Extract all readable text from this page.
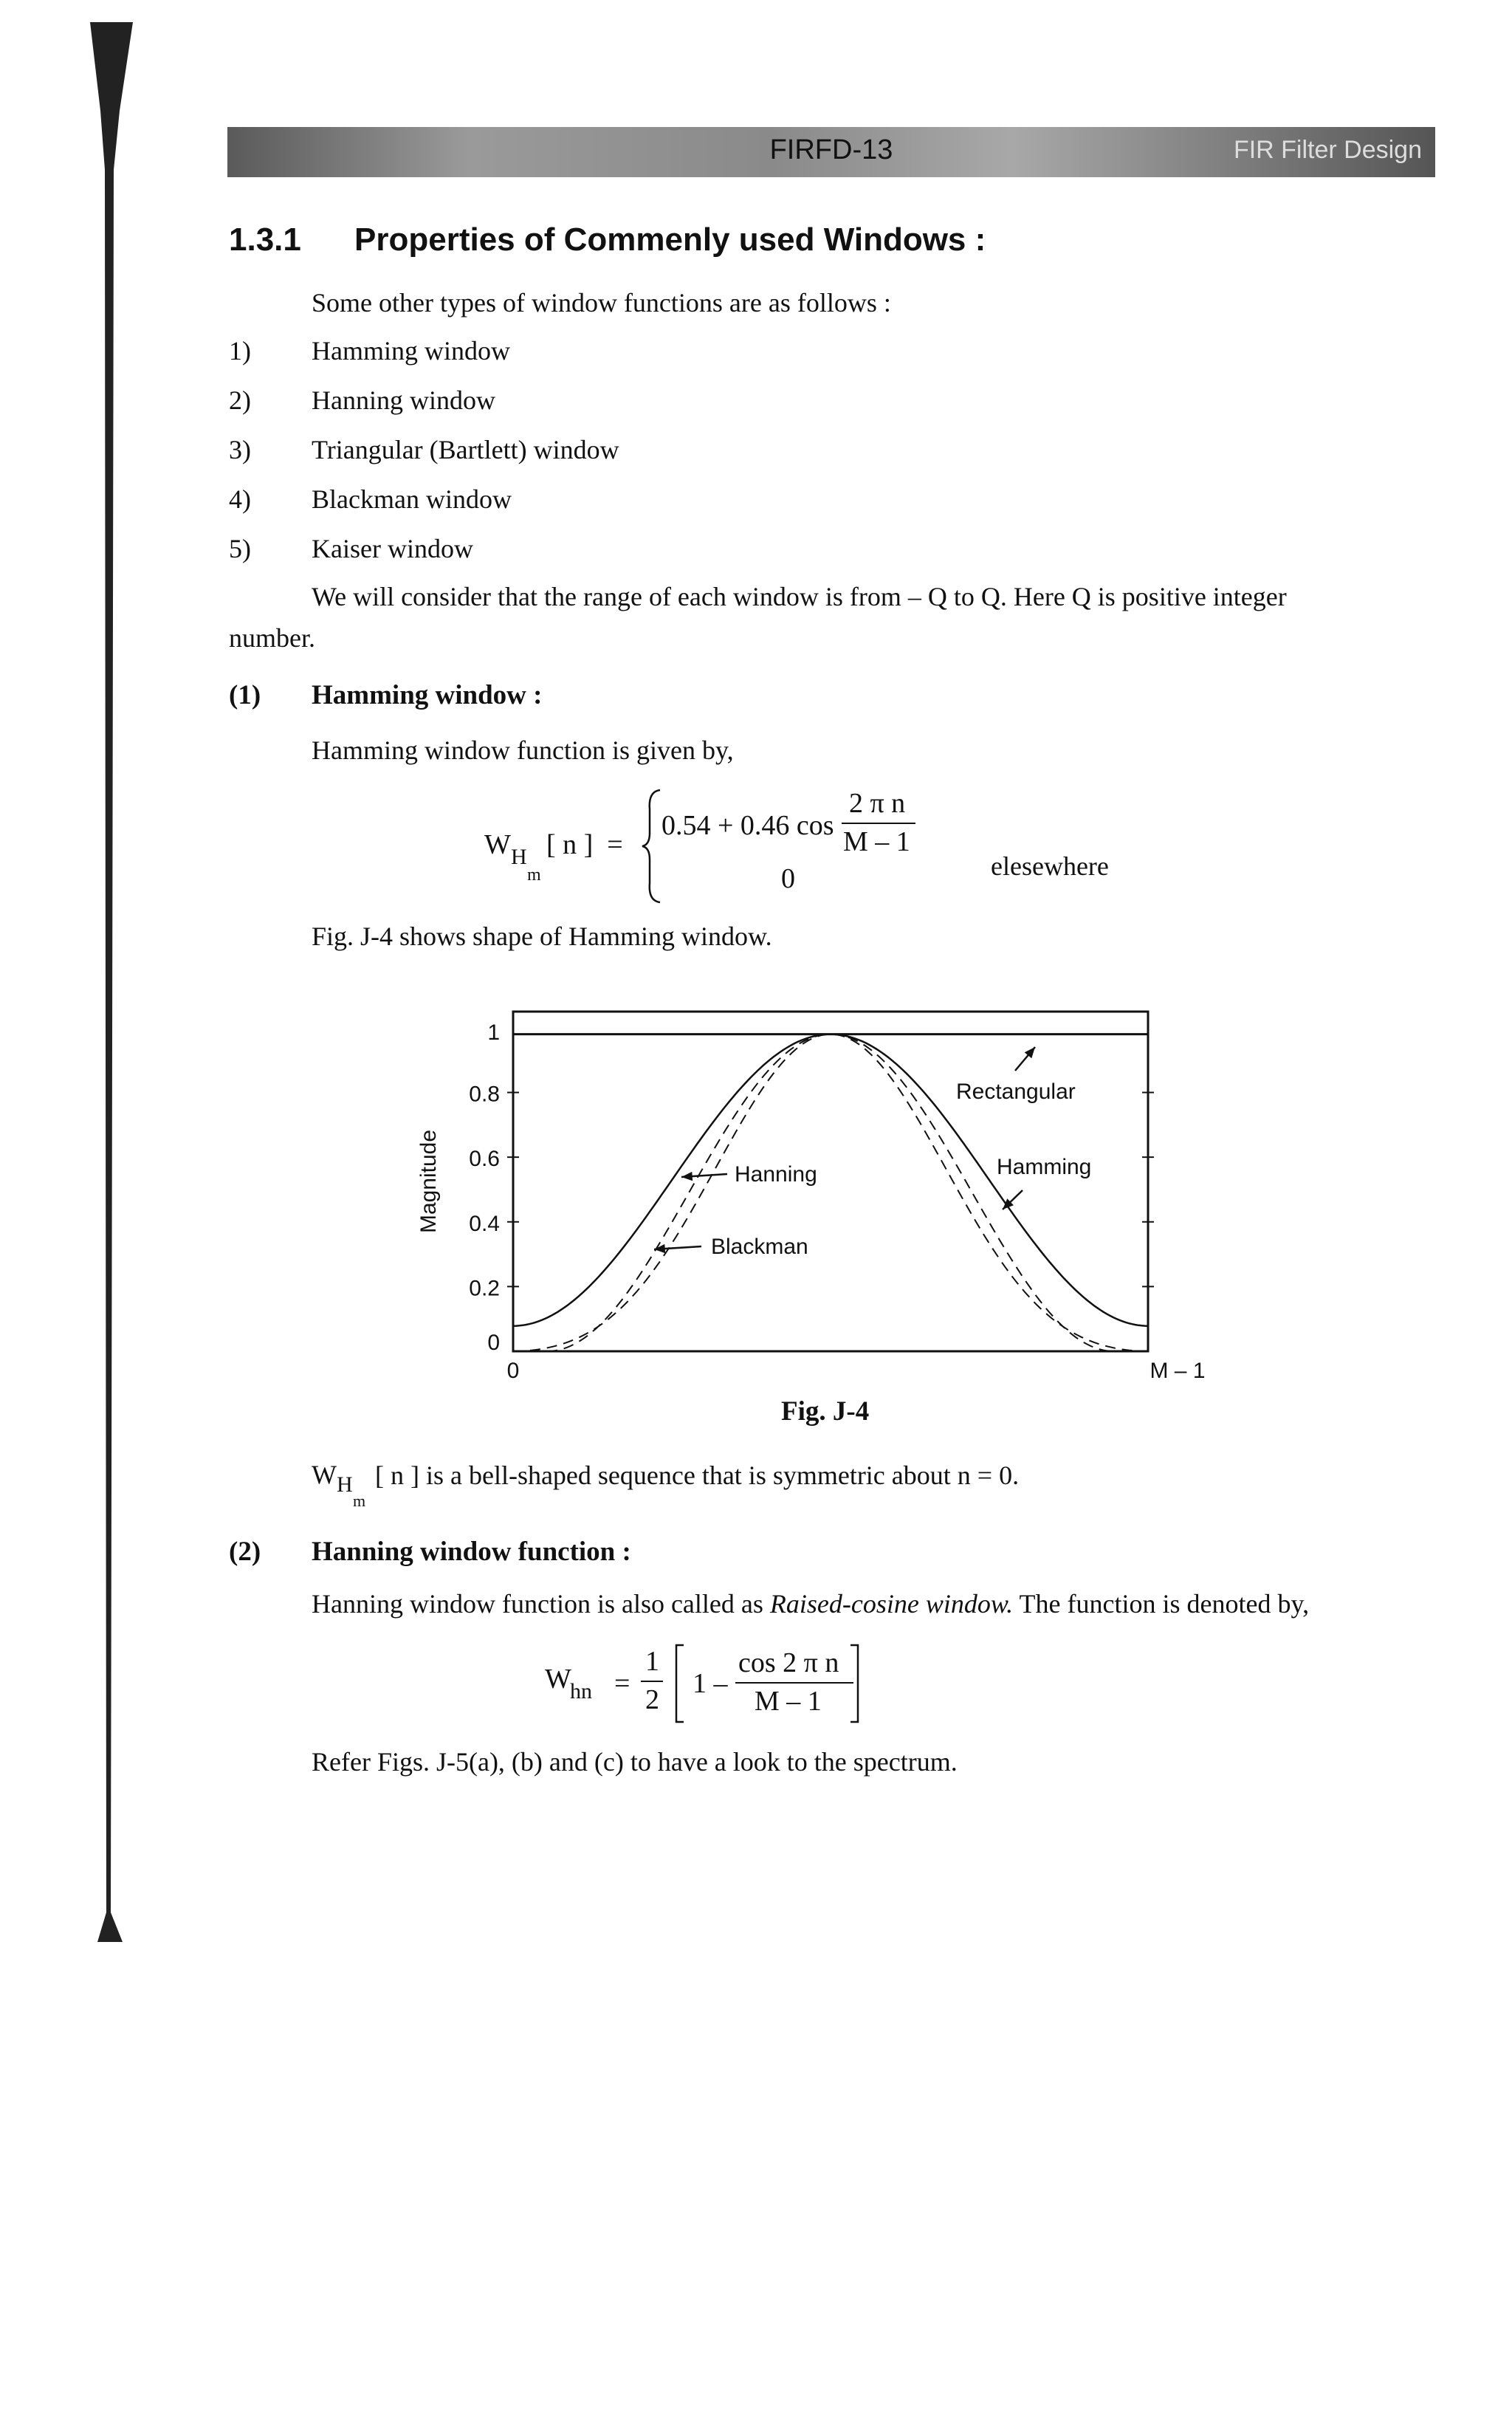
FIRFD-13	FIR Filter Design
1.3.1 Properties of Commenly used Windows :
Some other types of window functions are as follows :
1) Hamming window
2) Hanning window
3) Triangular (Bartlett) window
4) Blackman window
5) Kaiser window
We will consider that the range of each window is from – Q to Q. Here Q is positive integer
number.
(1) Hamming window :
Hamming window function is given by,
W H
m
[ n ]  =
0.54 + 0.46 cos
2 π n
M – 1
0	elesewhere
Fig. J-4 shows shape of Hamming window.
0
0.2
0.4
0.6
0.8
1
0	M – 1
Magnitude
Rectangular
Hamming
Hanning
Blackman
Fig. J-4
W H
m
[ n ] is a bell-shaped sequence that is symmetric about n = 0.
(2) Hanning window function :
Hanning window function is also called as Raised-cosine window. The function is denoted by,
W
hn =
1
2
1 –
cos 2 π n
M – 1
Refer Figs. J-5(a), (b) and (c) to have a look to the spectrum.
